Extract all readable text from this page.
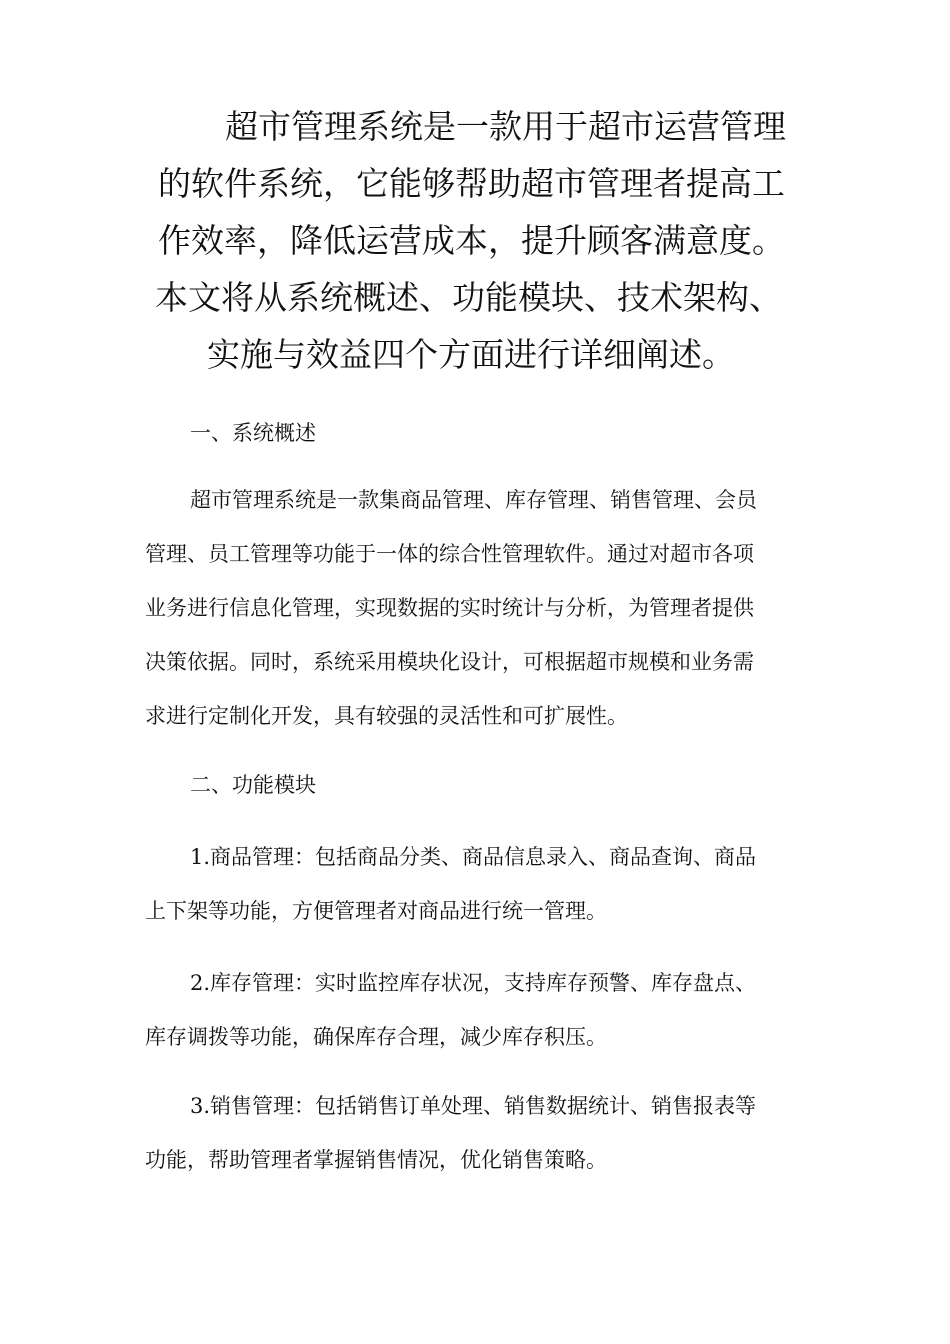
超市管理系统是一款用于超市运营管理
的软件系统，它能够帮助超市管理者提高工
作效率，降低运营成本，提升顾客满意度。
本文将从系统概述、功能模块、技术架构、
实施与效益四个方面进行详细阐述。
一、系统概述
超市管理系统是一款集商品管理、库存管理、销售管理、会员
管理、员工管理等功能于一体的综合性管理软件。通过对超市各项
业务进行信息化管理，实现数据的实时统计与分析，为管理者提供
决策依据。同时，系统采用模块化设计，可根据超市规模和业务需
求进行定制化开发，具有较强的灵活性和可扩展性。
二、功能模块
1.商品管理：包括商品分类、商品信息录入、商品查询、商品
上下架等功能，方便管理者对商品进行统一管理。
2.库存管理：实时监控库存状况，支持库存预警、库存盘点、
库存调拨等功能，确保库存合理，减少库存积压。
3.销售管理：包括销售订单处理、销售数据统计、销售报表等
功能，帮助管理者掌握销售情况，优化销售策略。
